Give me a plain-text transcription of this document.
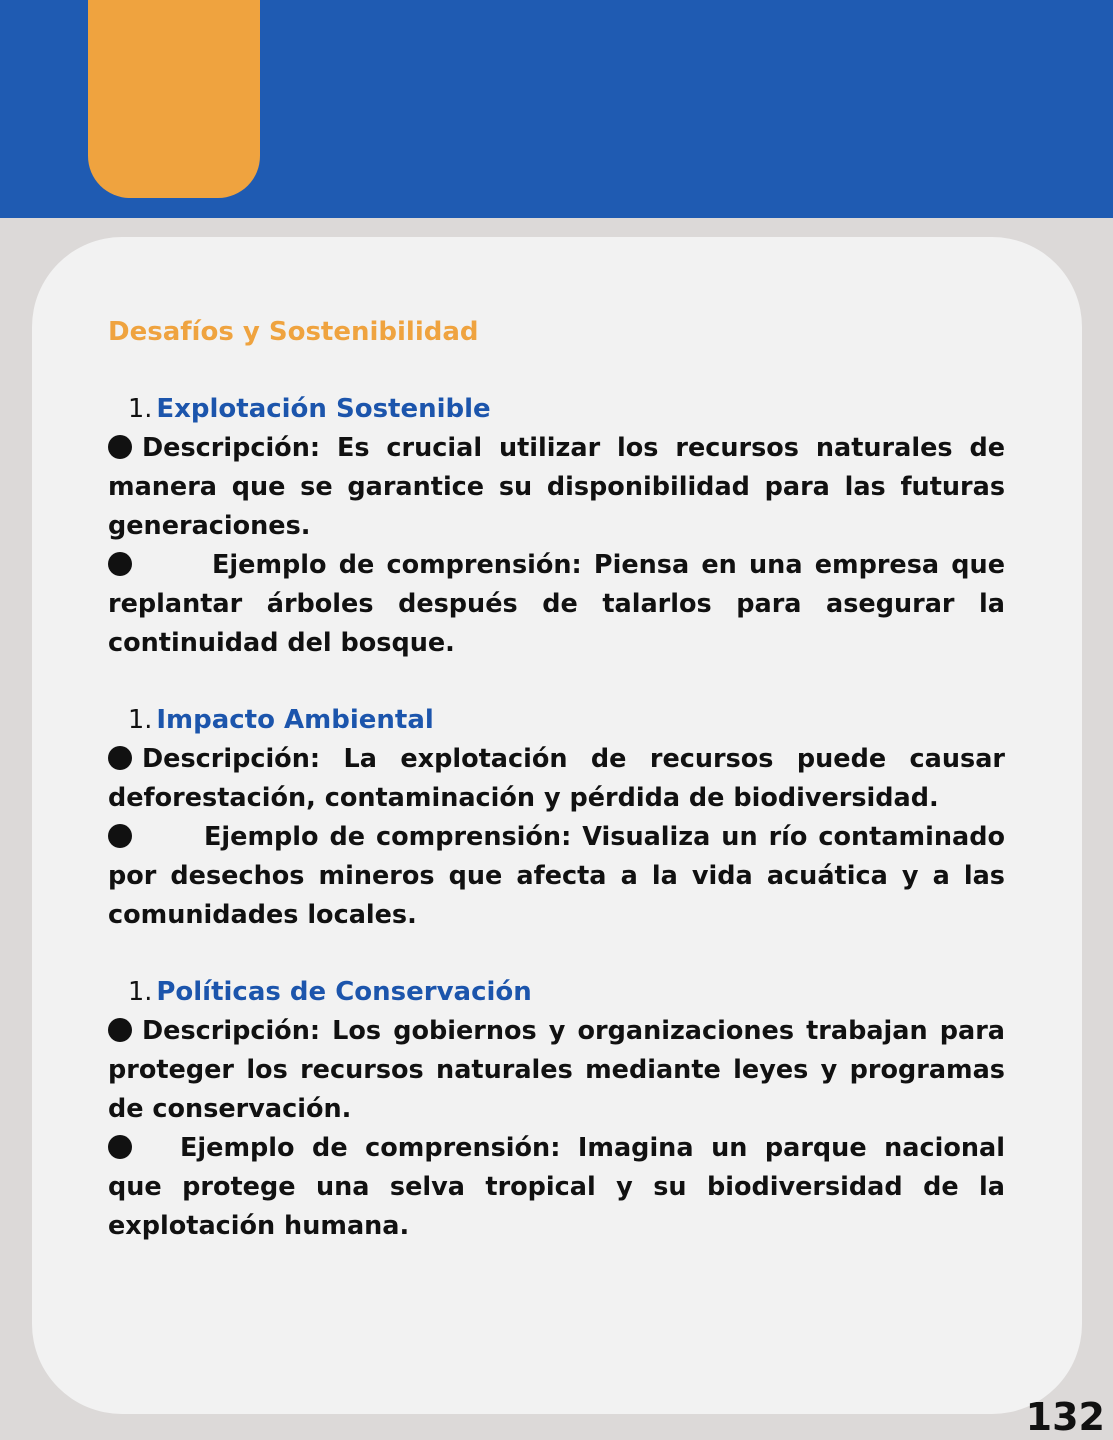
Desafíos y Sostenibilidad
1. Explotación Sostenible
Descripción: Es crucial utilizar los recursos naturales de manera que se garantice su disponibilidad para las futuras generaciones.
Ejemplo de comprensión: Piensa en una empresa que replantar árboles después de talarlos para asegurar la continuidad del bosque.
1. Impacto Ambiental
Descripción: La explotación de recursos puede causar deforestación, contaminación y pérdida de biodiversidad.
Ejemplo de comprensión: Visualiza un río contaminado por desechos mineros que afecta a la vida acuática y a las comunidades locales.
1. Políticas de Conservación
Descripción: Los gobiernos y organizaciones trabajan para proteger los recursos naturales mediante leyes y programas de conservación.
Ejemplo de comprensión: Imagina un parque nacional que protege una selva tropical y su biodiversidad de la explotación humana.
132
